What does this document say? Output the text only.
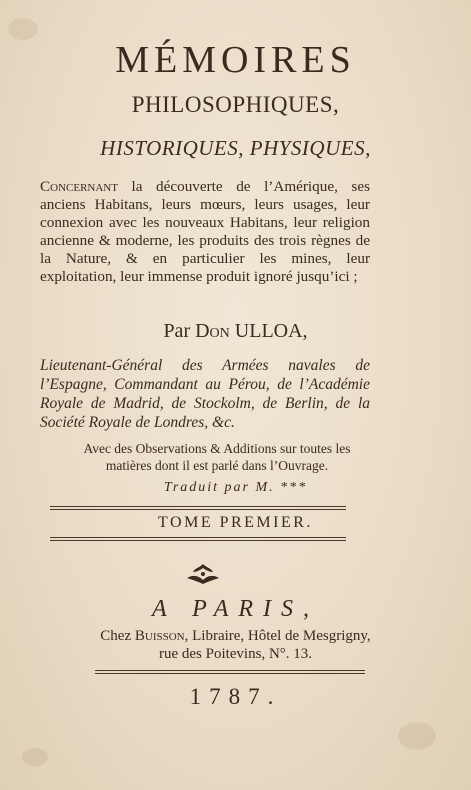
MÉMOIRES
PHILOSOPHIQUES,
HISTORIQUES, PHYSIQUES,
Concernant la découverte de l’Amérique, ses anciens Habitans, leurs mœurs, leurs usages, leur connexion avec les nouveaux Habitans, leur religion ancienne & moderne, les produits des trois règnes de la Nature, & en particulier les mines, leur exploitation, leur immense produit ignoré jusqu’ici ;
Par Don ULLOA,
Lieutenant-Général des Armées navales de l’Espagne, Commandant au Pérou, de l’Académie Royale de Madrid, de Stockolm, de Berlin, de la Société Royale de Londres, &c.
Avec des Observations & Additions sur toutes les matières dont il est parlé dans l’Ouvrage.
Traduit par M. ***
TOME PREMIER.
A PARIS,
Chez Buisson, Libraire, Hôtel de Mesgrigny,
rue des Poitevins, N°. 13.
1787.
